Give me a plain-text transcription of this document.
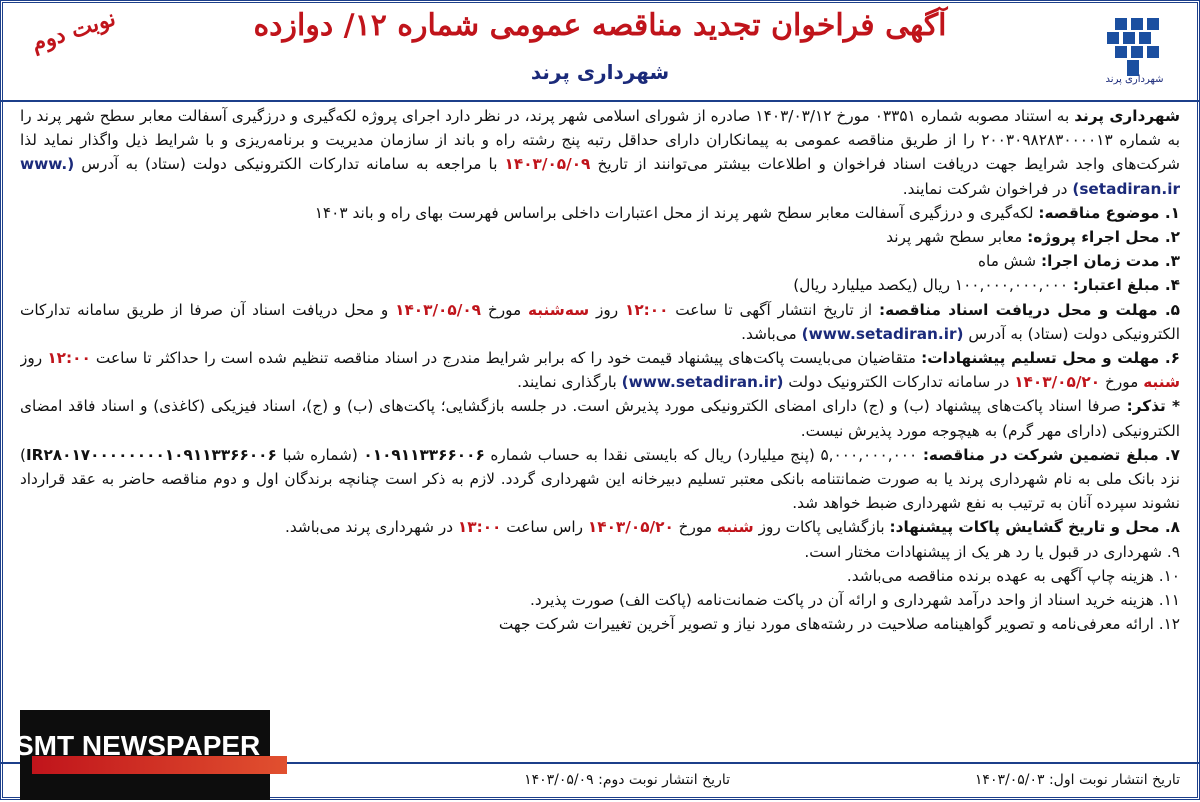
نوبت دوم	آگهی فراخوان تجدید مناقصه عمومی شماره ۱۲/ دوازده
شهرداری پرند	شهرداری پرند

شهرداری پرند به استناد مصوبه شماره ۰۳۳۵۱ مورخ ۱۴۰۳/۰۳/۱۲ صادره از شورای اسلامی شهر پرند، در نظر دارد اجرای پروژه لکه‌گیری و درزگیری آسفالت معابر سطح شهر پرند را به شماره ۲۰۰۳۰۹۸۲۸۳۰۰۰۰۱۳ را از طریق مناقصه عمومی به پیمانکاران دارای حداقل رتبه پنج رشته راه و باند از سازمان مدیریت و برنامه‌ریزی و با شرایط ذیل واگذار نماید لذا شرکت‌های واجد شرایط جهت دریافت اسناد فراخوان و اطلاعات بیشتر می‌توانند از تاریخ ۱۴۰۳/۰۵/۰۹ با مراجعه به سامانه تدارکات الکترونیکی دولت (ستاد) به آدرس (www. setadiran.ir) در فراخوان شرکت نمایند.

۱. موضوع مناقصه: لکه‌گیری و درزگیری آسفالت معابر سطح شهر پرند از محل اعتبارات داخلی براساس فهرست بهای راه و باند ۱۴۰۳

۲. محل اجراء پروژه: معابر سطح شهر پرند

۳. مدت زمان اجرا: شش ماه

۴. مبلغ اعتبار: ۱۰۰,۰۰۰,۰۰۰,۰۰۰ ریال (یکصد میلیارد ریال)

۵. مهلت و محل دریافت اسناد مناقصه: از تاریخ انتشار آگهی تا ساعت ۱۲:۰۰ روز سه‌شنبه مورخ ۱۴۰۳/۰۵/۰۹ و محل دریافت اسناد آن صرفا از طریق سامانه تدارکات الکترونیکی دولت (ستاد) به آدرس (www.setadiran.ir) می‌باشد.

۶. مهلت و محل تسلیم پیشنهادات: متقاضیان می‌بایست پاکت‌های پیشنهاد قیمت خود را که برابر شرایط مندرج در اسناد مناقصه تنظیم شده است را حداکثر تا ساعت ۱۲:۰۰ روز شنبه مورخ ۱۴۰۳/۰۵/۲۰ در سامانه تدارکات الکترونیک دولت (www.setadiran.ir) بارگذاری نمایند.

* تذکر: صرفا اسناد پاکت‌های پیشنهاد (ب) و (ج) دارای امضای الکترونیکی مورد پذیرش است. در جلسه بازگشایی؛ پاکت‌های (ب) و (ج)، اسناد فیزیکی (کاغذی) و اسناد فاقد امضای الکترونیکی (دارای مهر گرم) به هیچوجه مورد پذیرش نیست.

۷. مبلغ تضمین شرکت در مناقصه: ۵,۰۰۰,۰۰۰,۰۰۰ (پنج میلیارد) ریال که بایستی نقدا به حساب شماره ۰۱۰۹۱۱۳۳۶۶۰۰۶ (شماره شبا IR۲۸۰۱۷۰۰۰۰۰۰۰۰۱۰۹۱۱۳۳۶۶۰۰۶) نزد بانک ملی به نام شهرداری پرند یا به صورت ضمانتنامه بانکی معتبر تسلیم دبیرخانه این شهرداری گردد. لازم به ذکر است چنانچه برندگان اول و دوم مناقصه حاضر به عقد قرارداد نشوند سپرده آنان به ترتیب به نفع شهرداری ضبط خواهد شد.

۸. محل و تاریخ گشایش پاکات پیشنهاد: بازگشایی پاکات روز شنبه مورخ ۱۴۰۳/۰۵/۲۰ راس ساعت ۱۳:۰۰ در شهرداری پرند می‌باشد.

۹. شهرداری در قبول یا رد هر یک از پیشنهادات مختار است.

۱۰. هزینه چاپ آگهی به عهده برنده مناقصه می‌باشد.

۱۱. هزینه خرید اسناد از واحد درآمد شهرداری و ارائه آن در پاکت ضمانت‌نامه (پاکت الف) صورت پذیرد.

۱۲. ارائه معرفی‌نامه و تصویر گواهینامه صلاحیت در رشته‌های مورد نیاز و تصویر آخرین تغییرات شرکت جهت

تاریخ انتشار نوبت اول: ۱۴۰۳/۰۵/۰۳
تاریخ انتشار نوبت دوم: ۱۴۰۳/۰۵/۰۹
SMT NEWSPAPER
